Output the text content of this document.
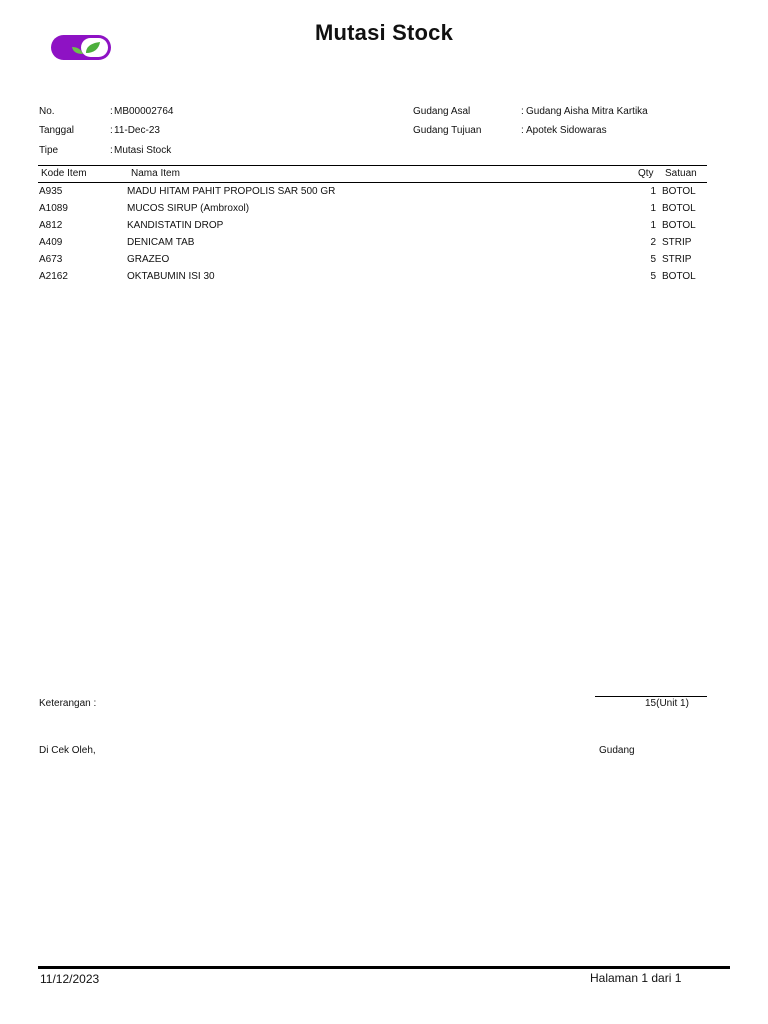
Mutasi Stock
No.	: MB00002764
Tanggal	: 11-Dec-23
Tipe	: Mutasi Stock
Gudang Asal	: Gudang Aisha Mitra Kartika
Gudang Tujuan	: Apotek Sidowaras
Kode Item	Nama Item	Qty Satuan
A935	MADU HITAM PAHIT PROPOLIS SAR 500 GR	1 BOTOL
A1089	MUCOS SIRUP (Ambroxol)	1 BOTOL
A812	KANDISTATIN DROP	1 BOTOL
A409	DENICAM TAB	2 STRIP
A673	GRAZEO	5 STRIP
A2162	OKTABUMIN ISI 30	5 BOTOL
Keterangan :	15(Unit 1)
Di Cek Oleh,	Gudang
11/12/2023	Halaman 1 dari 1
